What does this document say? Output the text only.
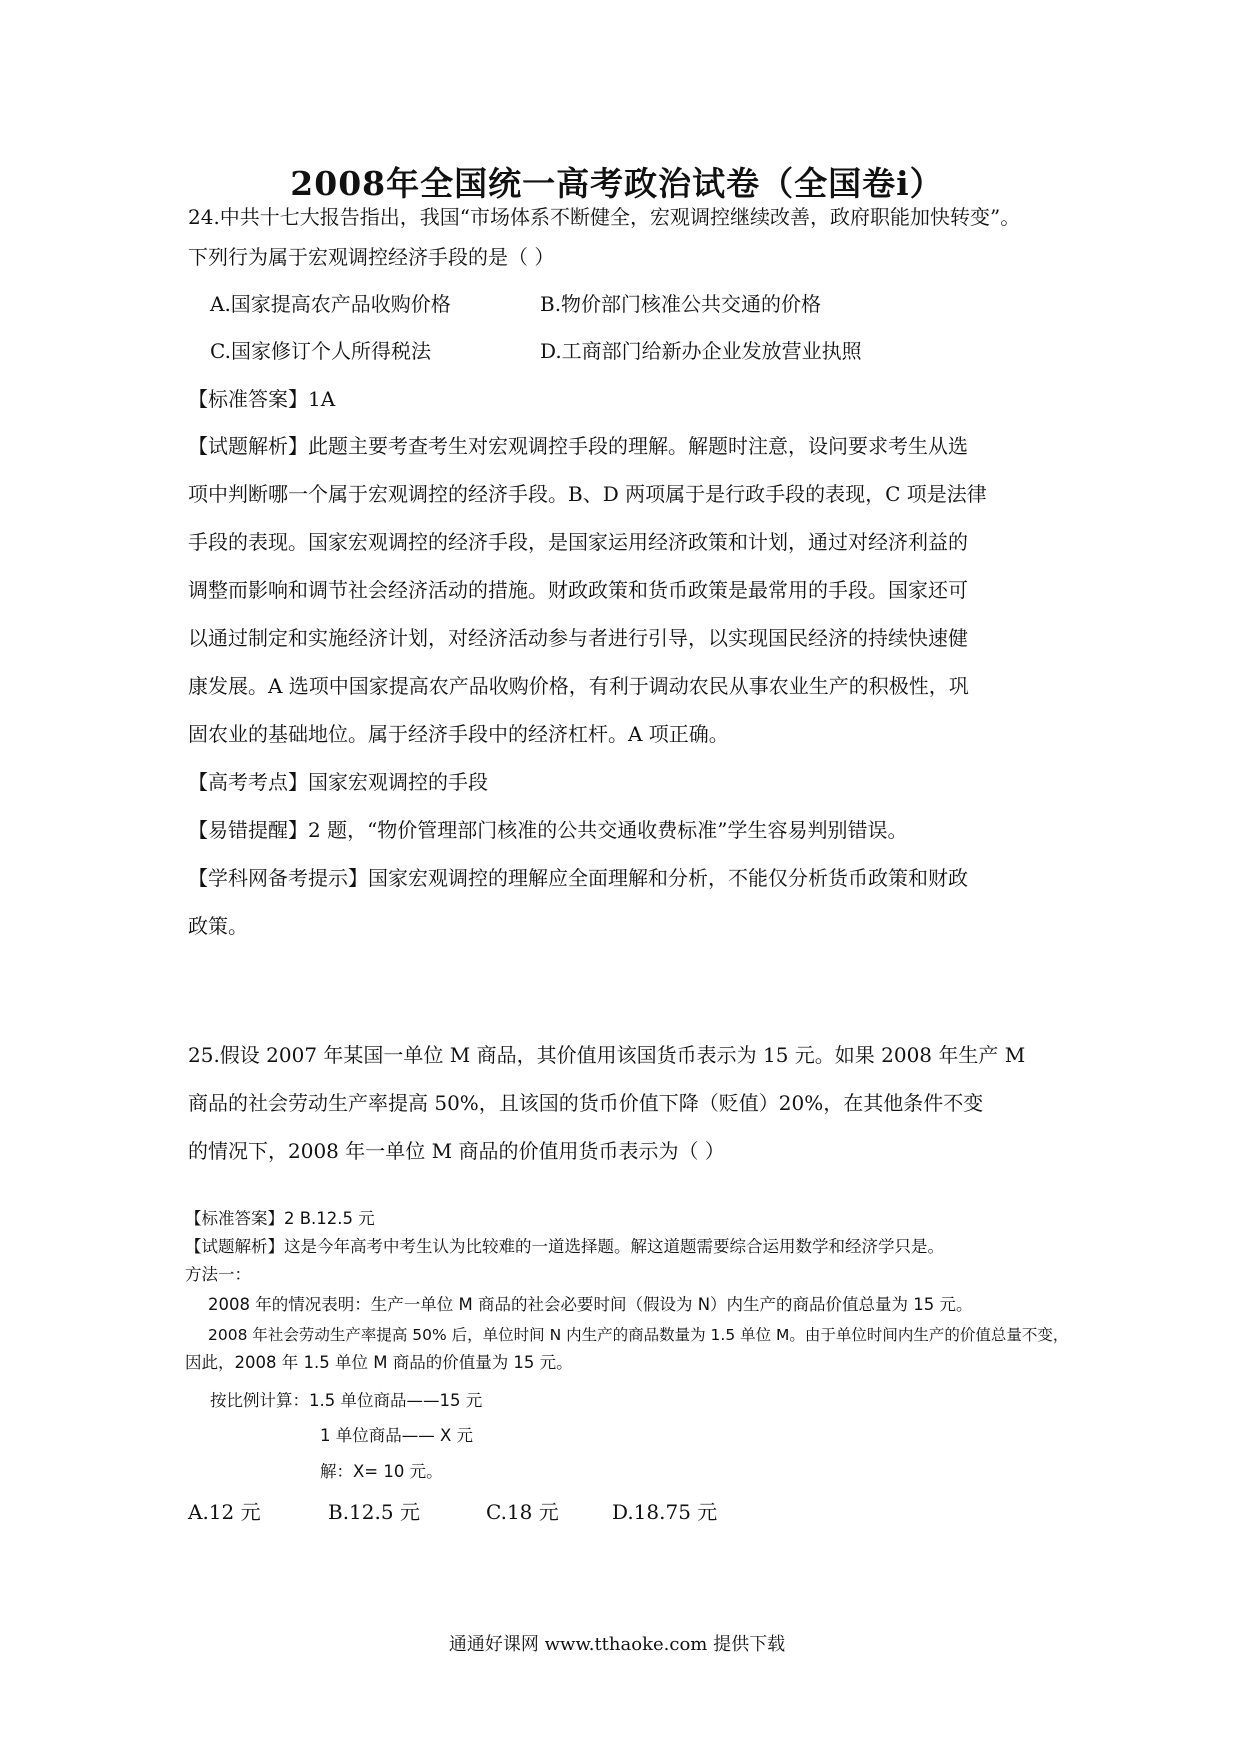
2008年全国统一高考政治试卷（全国卷i）
24.中共十七大报告指出，我国“市场体系不断健全，宏观调控继续改善，政府职能加快转变”。
下列行为属于宏观调控经济手段的是（ ）
A.国家提高农产品收购价格	B.物价部门核准公共交通的价格
C.国家修订个人所得税法	D.工商部门给新办企业发放营业执照
【标准答案】1A
【试题解析】此题主要考查考生对宏观调控手段的理解。解题时注意，设问要求考生从选
项中判断哪一个属于宏观调控的经济手段。B、D 两项属于是行政手段的表现，C 项是法律
手段的表现。国家宏观调控的经济手段，是国家运用经济政策和计划，通过对经济利益的
调整而影响和调节社会经济活动的措施。财政政策和货币政策是最常用的手段。国家还可
以通过制定和实施经济计划，对经济活动参与者进行引导，以实现国民经济的持续快速健
康发展。A 选项中国家提高农产品收购价格，有利于调动农民从事农业生产的积极性，巩
固农业的基础地位。属于经济手段中的经济杠杆。A 项正确。
【高考考点】国家宏观调控的手段
【易错提醒】2 题，“物价管理部门核准的公共交通收费标准”学生容易判别错误。
【学科网备考提示】国家宏观调控的理解应全面理解和分析，不能仅分析货币政策和财政
政策。
25.假设 2007 年某国一单位 M 商品，其价值用该国货币表示为 15 元。如果 2008 年生产 M
商品的社会劳动生产率提高 50%，且该国的货币价值下降（贬值）20%，在其他条件不变
的情况下，2008 年一单位 M 商品的价值用货币表示为（ ）
【标准答案】2 B.12.5 元
【试题解析】这是今年高考中考生认为比较难的一道选择题。解这道题需要综合运用数学和经济学只是。
方法一：
2008 年的情况表明：生产一单位 M 商品的社会必要时间（假设为 N）内生产的商品价值总量为 15 元。
2008 年社会劳动生产率提高 50% 后，单位时间 N 内生产的商品数量为 1.5 单位 M。由于单位时间内生产的价值总量不变，
因此，2008 年 1.5 单位 M 商品的价值量为 15 元。
按比例计算：1.5 单位商品——15 元
1 单位商品—— X 元
解：X= 10 元。
A.12 元	B.12.5 元	C.18 元	D.18.75 元
通通好课网 www.tthaoke.com 提供下载
